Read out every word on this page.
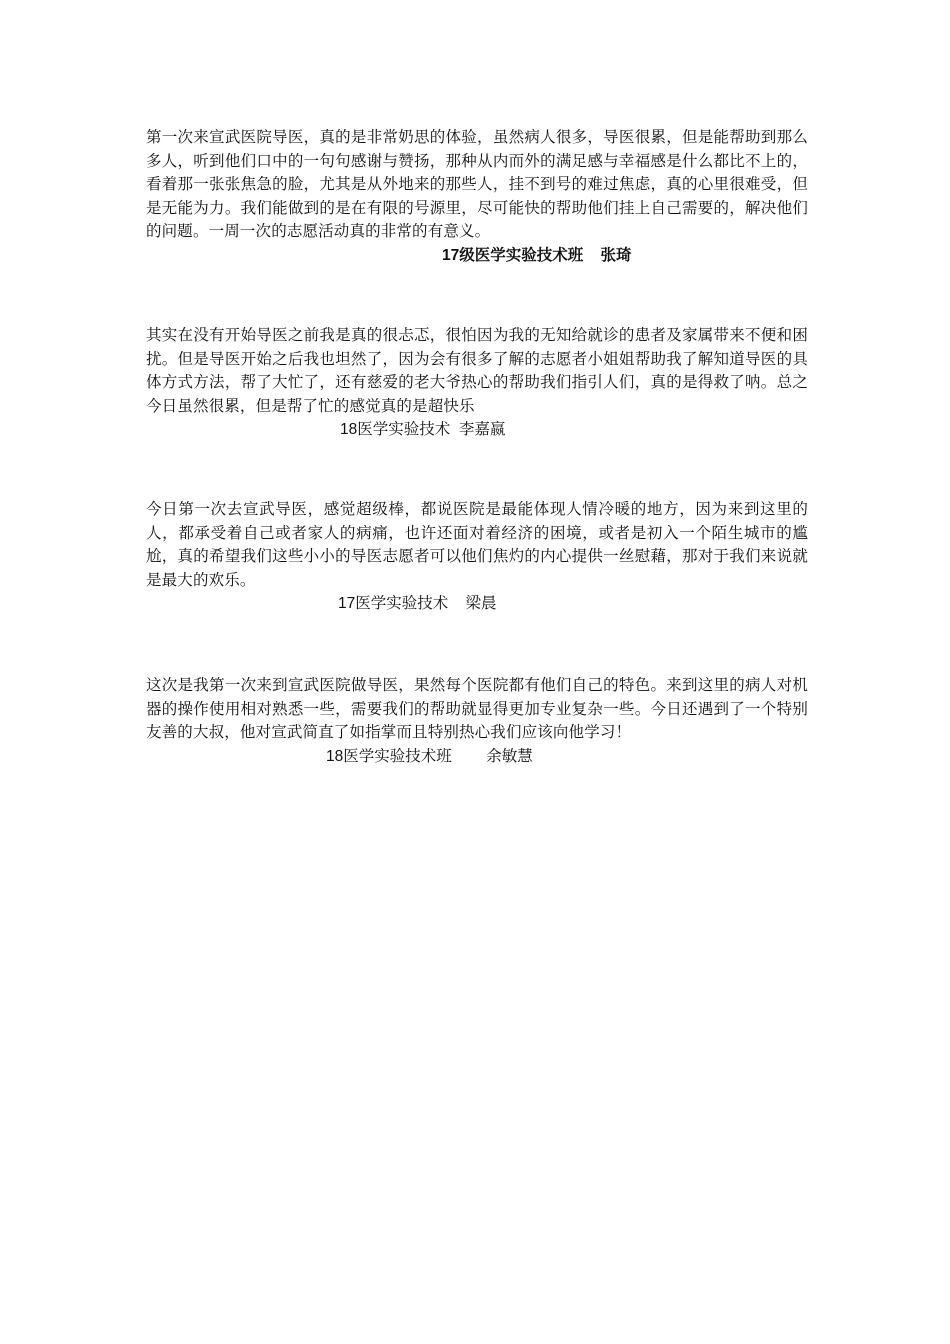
第一次来宣武医院导医，真的是非常奶思的体验，虽然病人很多，导医很累，但是能帮助到那么多人，听到他们口中的一句句感谢与赞扬，那种从内而外的满足感与幸福感是什么都比不上的，看着那一张张焦急的脸，尤其是从外地来的那些人，挂不到号的难过焦虑，真的心里很难受，但是无能为力。我们能做到的是在有限的号源里，尽可能快的帮助他们挂上自己需要的，解决他们的问题。一周一次的志愿活动真的非常的有意义。

17级医学实验技术班    张琦

其实在没有开始导医之前我是真的很忐忑，很怕因为我的无知给就诊的患者及家属带来不便和困扰。但是导医开始之后我也坦然了，因为会有很多了解的志愿者小姐姐帮助我了解知道导医的具体方式方法，帮了大忙了，还有慈爱的老大爷热心的帮助我们指引人们，真的是得救了呐。总之今日虽然很累，但是帮了忙的感觉真的是超快乐

18医学实验技术  李嘉嬴

今日第一次去宣武导医，感觉超级棒，都说医院是最能体现人情冷暖的地方，因为来到这里的人，都承受着自己或者家人的病痛，也许还面对着经济的困境，或者是初入一个陌生城市的尴尬，真的希望我们这些小小的导医志愿者可以他们焦灼的内心提供一丝慰藉，那对于我们来说就是最大的欢乐。

17医学实验技术    梁晨

这次是我第一次来到宣武医院做导医，果然每个医院都有他们自己的特色。来到这里的病人对机器的操作使用相对熟悉一些，需要我们的帮助就显得更加专业复杂一些。今日还遇到了一个特别友善的大叔，他对宣武简直了如指掌而且特别热心我们应该向他学习！

18医学实验技术班        余敏慧
